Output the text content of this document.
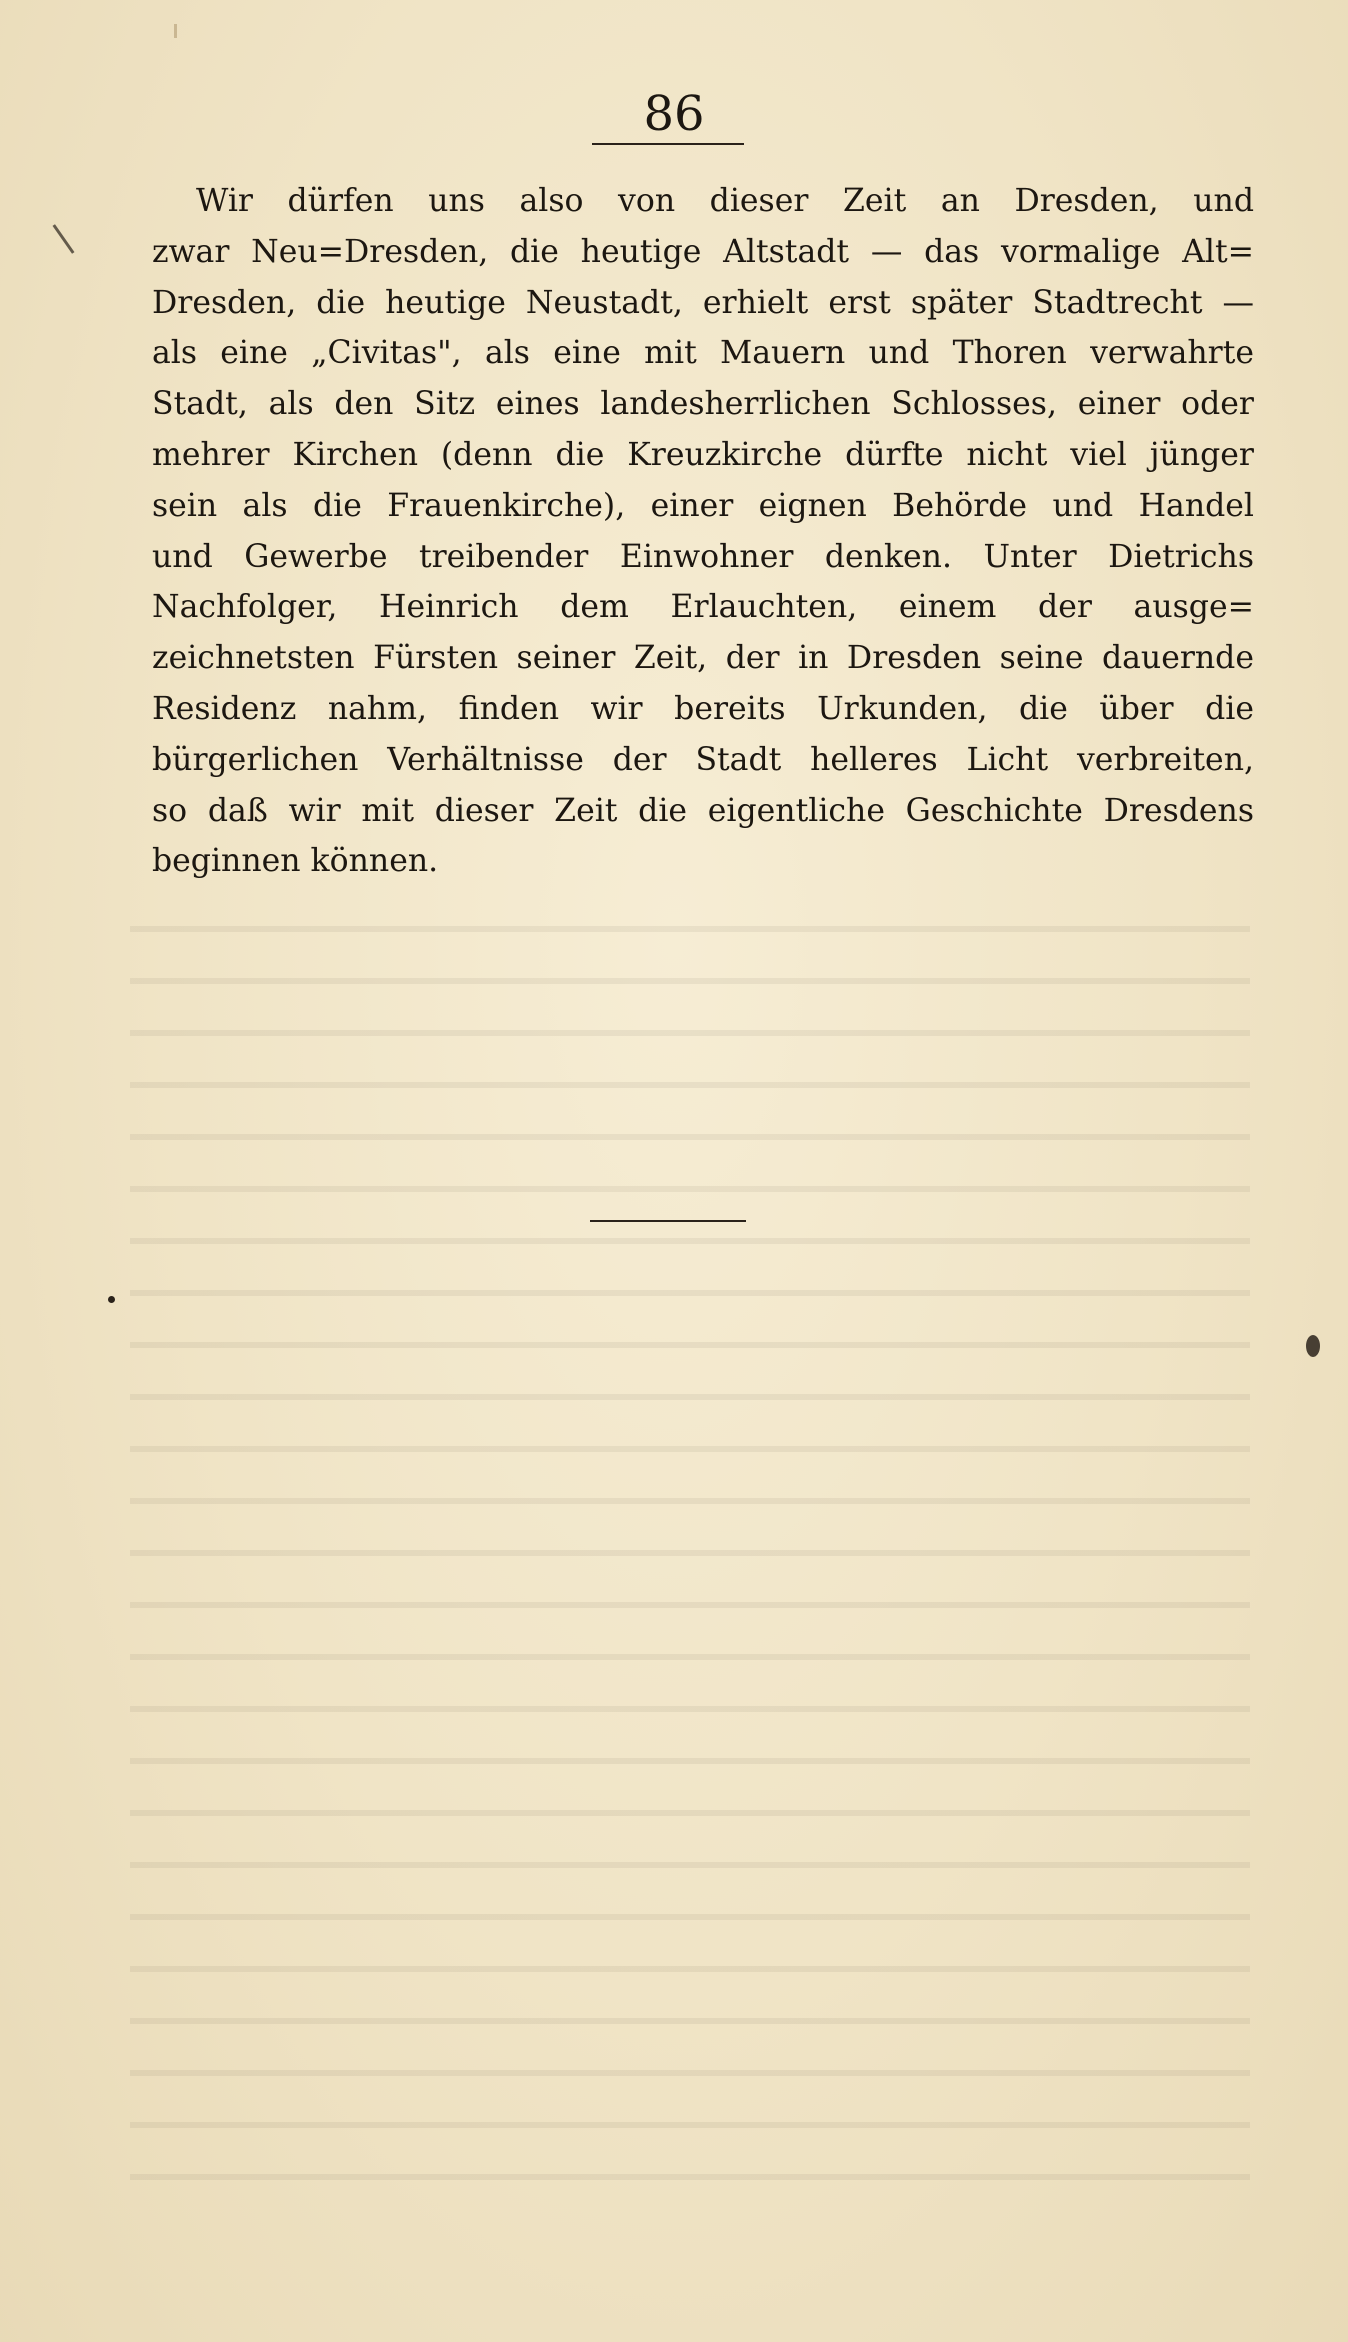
86
Wir dürfen uns also von dieser Zeit an Dresden, und
zwar Neu=Dresden, die heutige Altstadt — das vormalige Alt=
Dresden, die heutige Neustadt, erhielt erst später Stadtrecht —
als eine „Civitas", als eine mit Mauern und Thoren verwahrte
Stadt, als den Sitz eines landesherrlichen Schlosses, einer oder
mehrer Kirchen (denn die Kreuzkirche dürfte nicht viel jünger
sein als die Frauenkirche), einer eignen Behörde und Handel
und Gewerbe treibender Einwohner denken. Unter Dietrichs
Nachfolger, Heinrich dem Erlauchten, einem der ausge=
zeichnetsten Fürsten seiner Zeit, der in Dresden seine dauernde
Residenz nahm, finden wir bereits Urkunden, die über die
bürgerlichen Verhältnisse der Stadt helleres Licht verbreiten,
so daß wir mit dieser Zeit die eigentliche Geschichte Dresdens
beginnen können.
